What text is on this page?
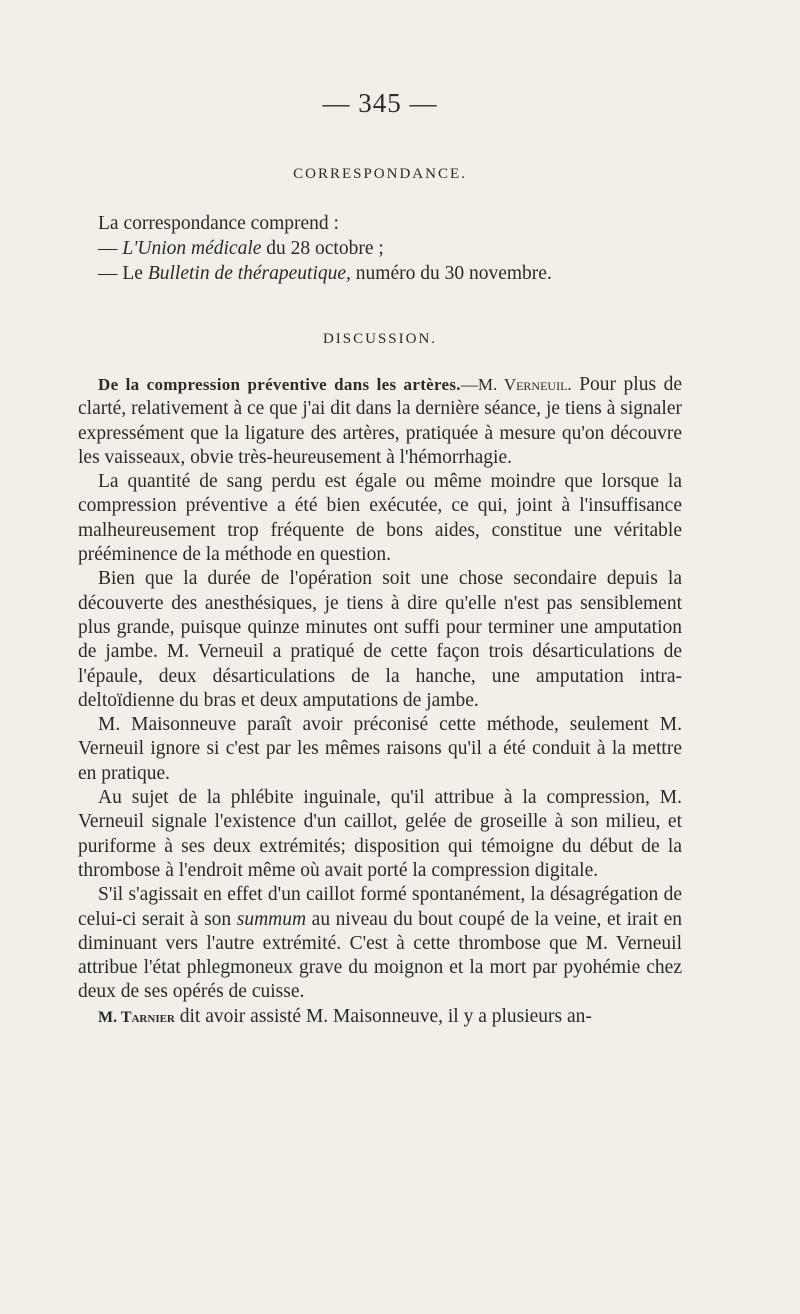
— 345 —
CORRESPONDANCE.
La correspondance comprend :
— L'Union médicale du 28 octobre ;
— Le Bulletin de thérapeutique, numéro du 30 novembre.
DISCUSSION.

De la compression préventive dans les artères.—M. Verneuil. Pour plus de clarté, relativement à ce que j'ai dit dans la dernière séance, je tiens à signaler expressément que la ligature des artères, pratiquée à mesure qu'on découvre les vaisseaux, obvie très-heureusement à l'hémorrhagie.

La quantité de sang perdu est égale ou même moindre que lorsque la compression préventive a été bien exécutée, ce qui, joint à l'insuffisance malheureusement trop fréquente de bons aides, constitue une véritable prééminence de la méthode en question.

Bien que la durée de l'opération soit une chose secondaire depuis la découverte des anesthésiques, je tiens à dire qu'elle n'est pas sensiblement plus grande, puisque quinze minutes ont suffi pour terminer une amputation de jambe. M. Verneuil a pratiqué de cette façon trois désarticulations de l'épaule, deux désarticulations de la hanche, une amputation intra-deltoïdienne du bras et deux amputations de jambe.

M. Maisonneuve paraît avoir préconisé cette méthode, seulement M. Verneuil ignore si c'est par les mêmes raisons qu'il a été conduit à la mettre en pratique.

Au sujet de la phlébite inguinale, qu'il attribue à la compression, M. Verneuil signale l'existence d'un caillot, gelée de groseille à son milieu, et puriforme à ses deux extrémités; disposition qui témoigne du début de la thrombose à l'endroit même où avait porté la compression digitale.

S'il s'agissait en effet d'un caillot formé spontanément, la désagrégation de celui-ci serait à son summum au niveau du bout coupé de la veine, et irait en diminuant vers l'autre extrémité. C'est à cette thrombose que M. Verneuil attribue l'état phlegmoneux grave du moignon et la mort par pyohémie chez deux de ses opérés de cuisse.

M. Tarnier dit avoir assisté M. Maisonneuve, il y a plusieurs an-
